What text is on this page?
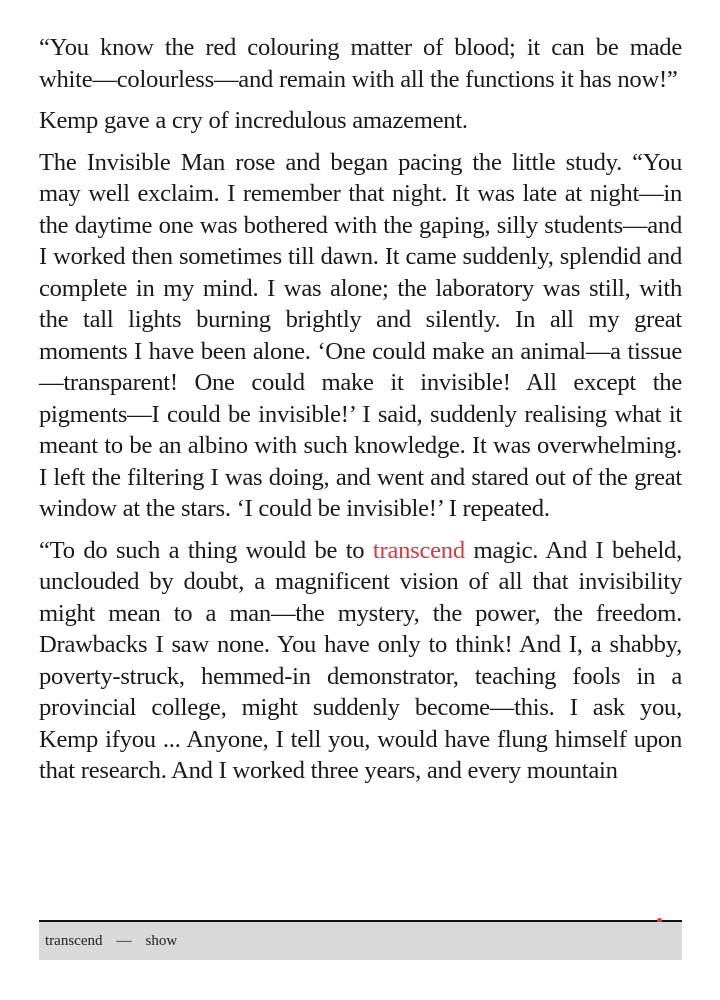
“You know the red colouring matter of blood; it can be made white—colourless—and remain with all the functions it has now!”

Kemp gave a cry of incredulous amazement.

The Invisible Man rose and began pacing the little study. “You may well exclaim. I remember that night. It was late at night—in the daytime one was bothered with the gaping, silly students—and I worked then sometimes till dawn. It came suddenly, splendid and complete in my mind. I was alone; the laboratory was still, with the tall lights burning brightly and silently. In all my great moments I have been alone. ‘One could make an animal—a tissue—transparent! One could make it invisible! All except the pigments—I could be invisible!’ I said, suddenly realising what it meant to be an albino with such knowledge. It was overwhelming. I left the filtering I was doing, and went and stared out of the great window at the stars. ‘I could be invisible!’ I repeated.

“To do such a thing would be to transcend magic. And I beheld, unclouded by doubt, a magnificent vision of all that invisibility might mean to a man—the mystery, the power, the freedom. Drawbacks I saw none. You have only to think! And I, a shabby, poverty-struck, hemmed-in demonstrator, teaching fools in a provincial college, might suddenly become—this. I ask you, Kemp ifyou ... Anyone, I tell you, would have flung himself upon that research. And I worked three years, and every mountain

transcend — show
